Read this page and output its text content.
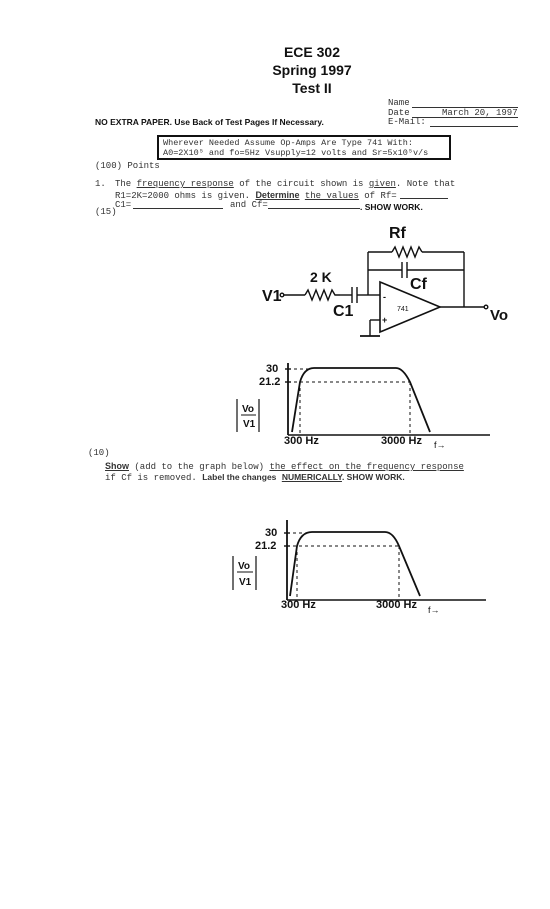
ECE 302
Spring 1997
Test II
Name
Date	March 20, 1997
E-Mail:
NO EXTRA PAPER. Use Back of Test Pages If Necessary.
Wherever Needed Assume Op-Amps Are Type 741 With:
A0=2X10⁵ and fo=5Hz Vsupply=12 volts and Sr=5x10⁵v/s
(100) Points
1. The frequency response of the circuit shown is given. Note that
R1=2K=2000 ohms is given. Determine the values of Rf=
(15)
C1=	and Cf=	. SHOW WORK.
Rf
Cf
2 K
C1
V1
Vo
741
-
+
30
21.2
300 Hz	3000 Hz f→
Vo
V1
30
21.2
300 Hz	3000 Hz f→
Vo
V1
(10)
Show (add to the graph below) the effect on the frequency response
if Cf is removed. Label the changes NUMERICALLY. SHOW WORK.
